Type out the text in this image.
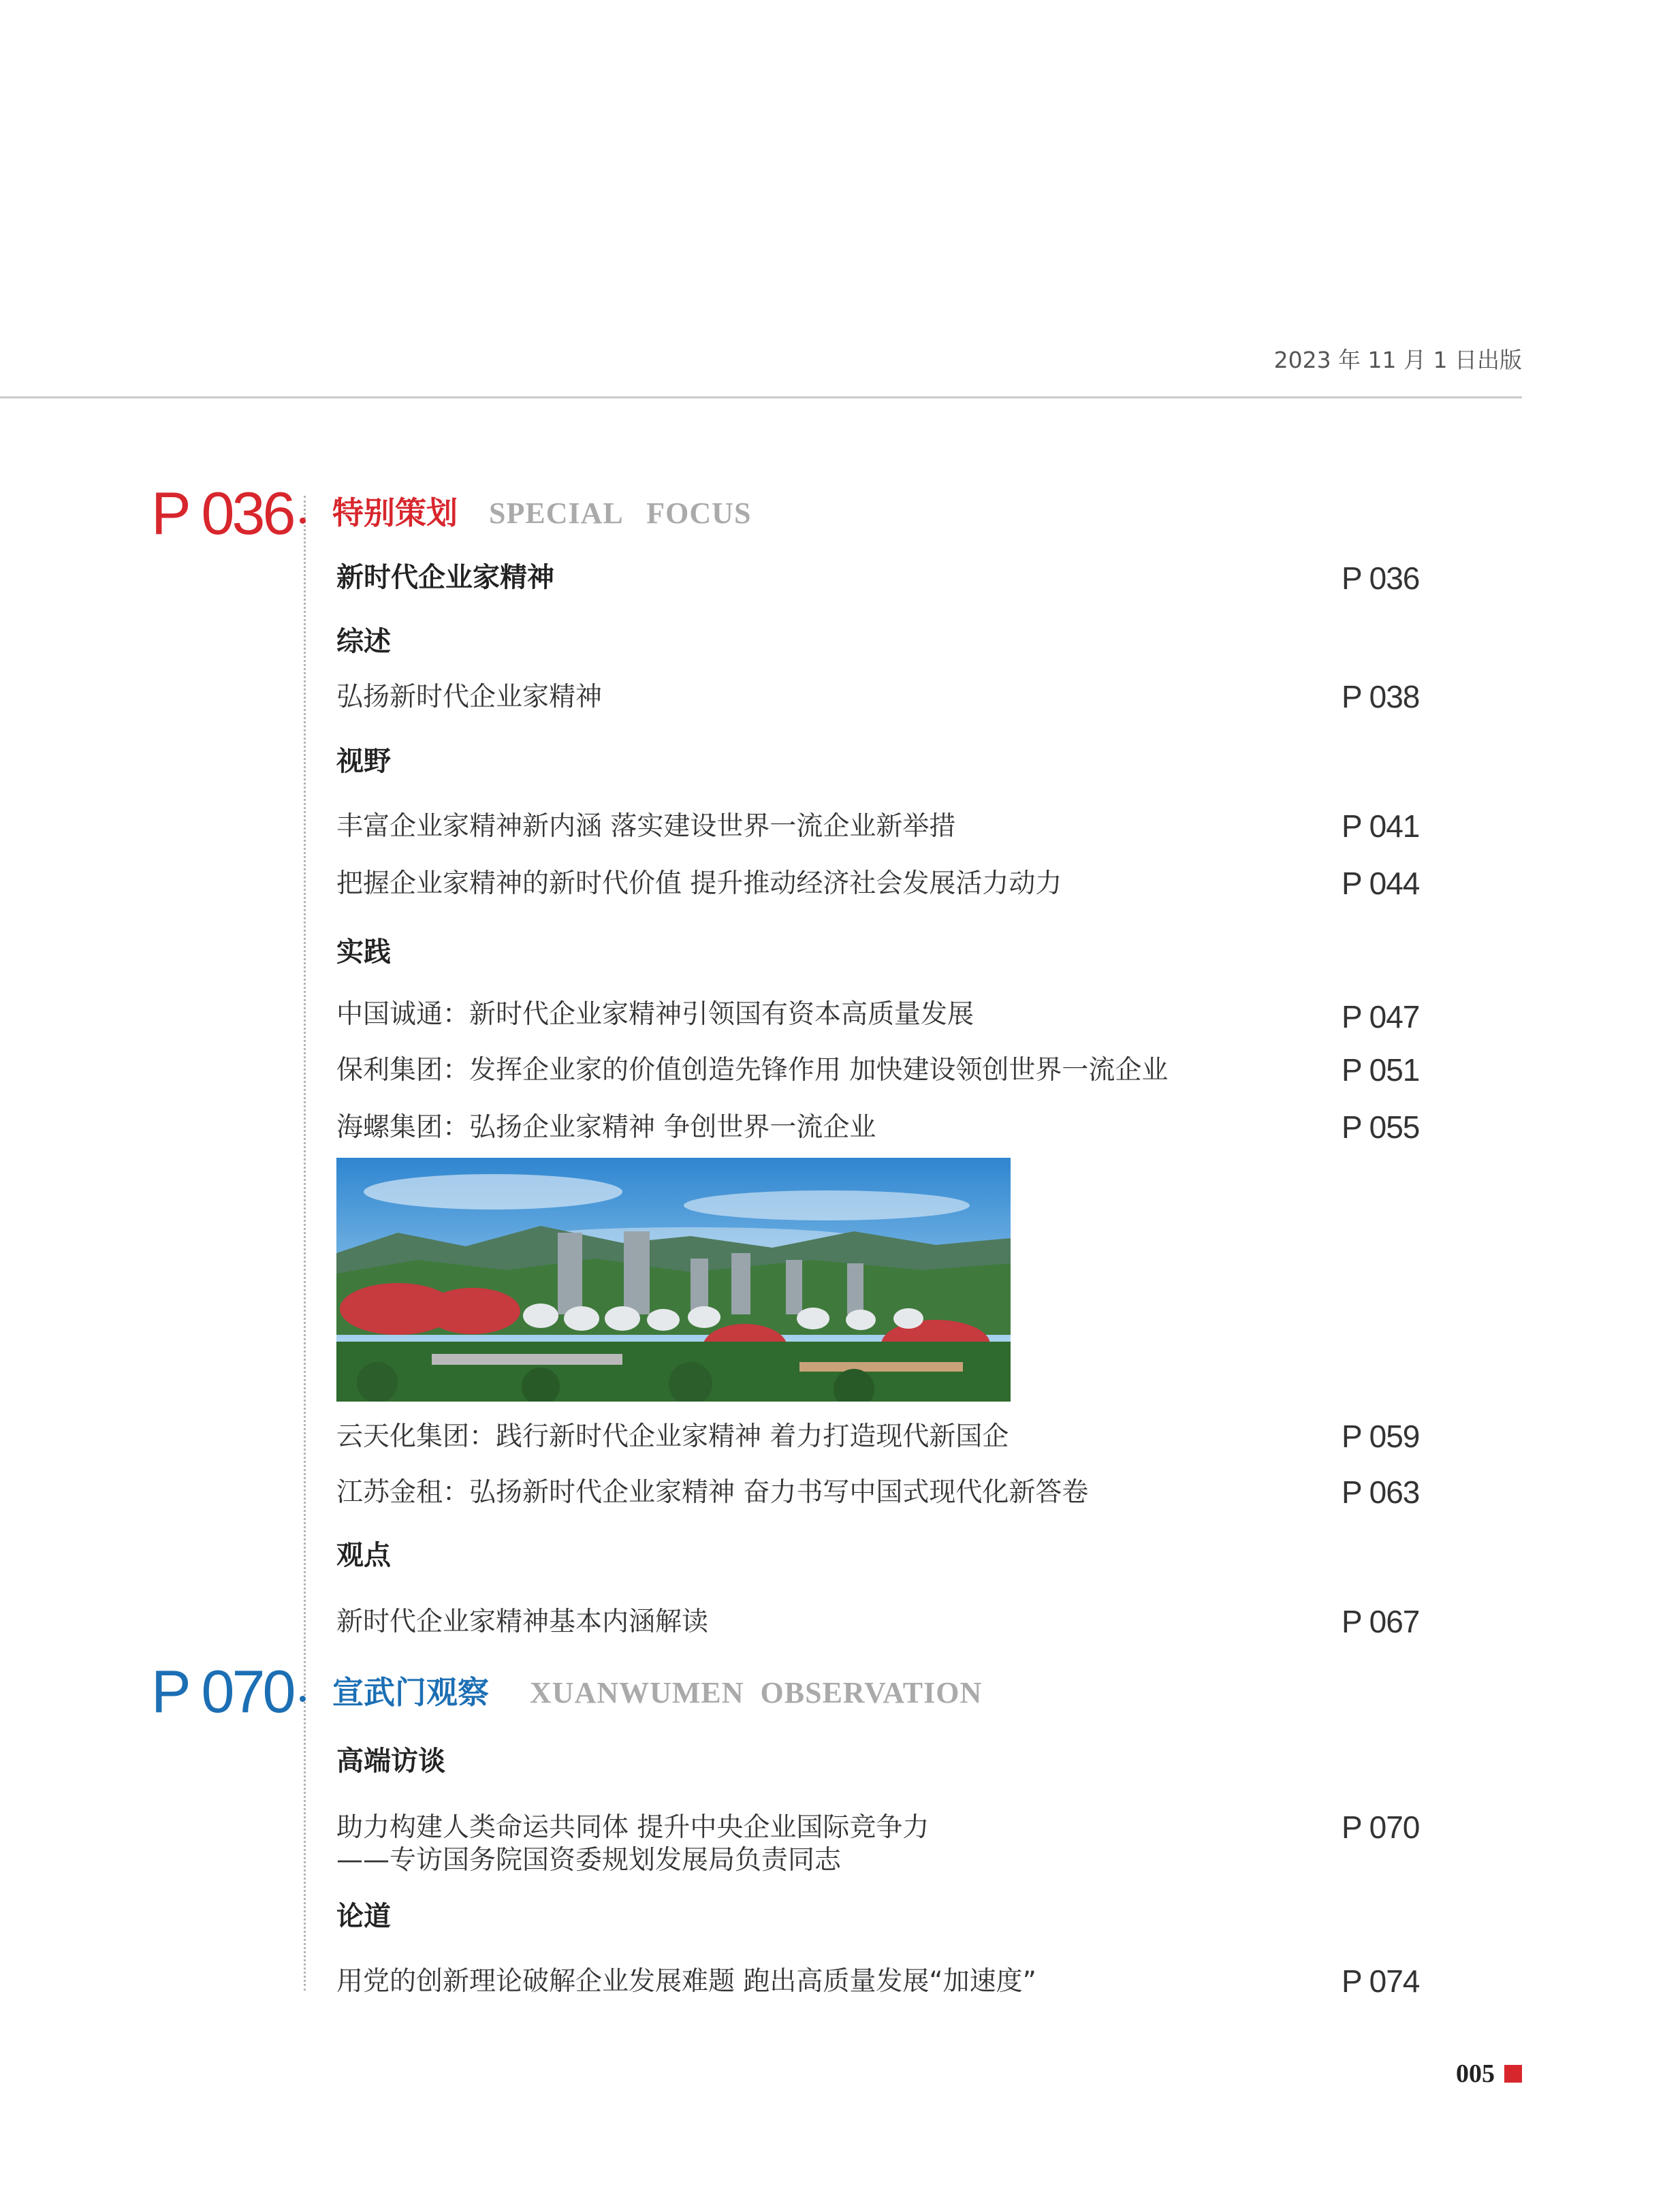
2023 年 11 月 1 日出版
P 036 特别策划 SPECIAL   FOCUS
新时代企业家精神	P 036
综述
弘扬新时代企业家精神	P 038
视野
丰富企业家精神新内涵 落实建设世界一流企业新举措	P 041
把握企业家精神的新时代价值 提升推动经济社会发展活力动力	P 044
实践
中国诚通：新时代企业家精神引领国有资本高质量发展	P 047
保利集团：发挥企业家的价值创造先锋作用 加快建设领创世界一流企业	P 051
海螺集团：弘扬企业家精神 争创世界一流企业	P 055
云天化集团：践行新时代企业家精神 着力打造现代新国企	P 059
江苏金租：弘扬新时代企业家精神 奋力书写中国式现代化新答卷	P 063
观点
新时代企业家精神基本内涵解读	P 067
P 070 宣武门观察 XUANWUMEN  OBSERVATION
高端访谈
助力构建人类命运共同体 提升中央企业国际竞争力
——专访国务院国资委规划发展局负责同志
P 070
论道
用党的创新理论破解企业发展难题 跑出高质量发展“加速度”	P 074
005
